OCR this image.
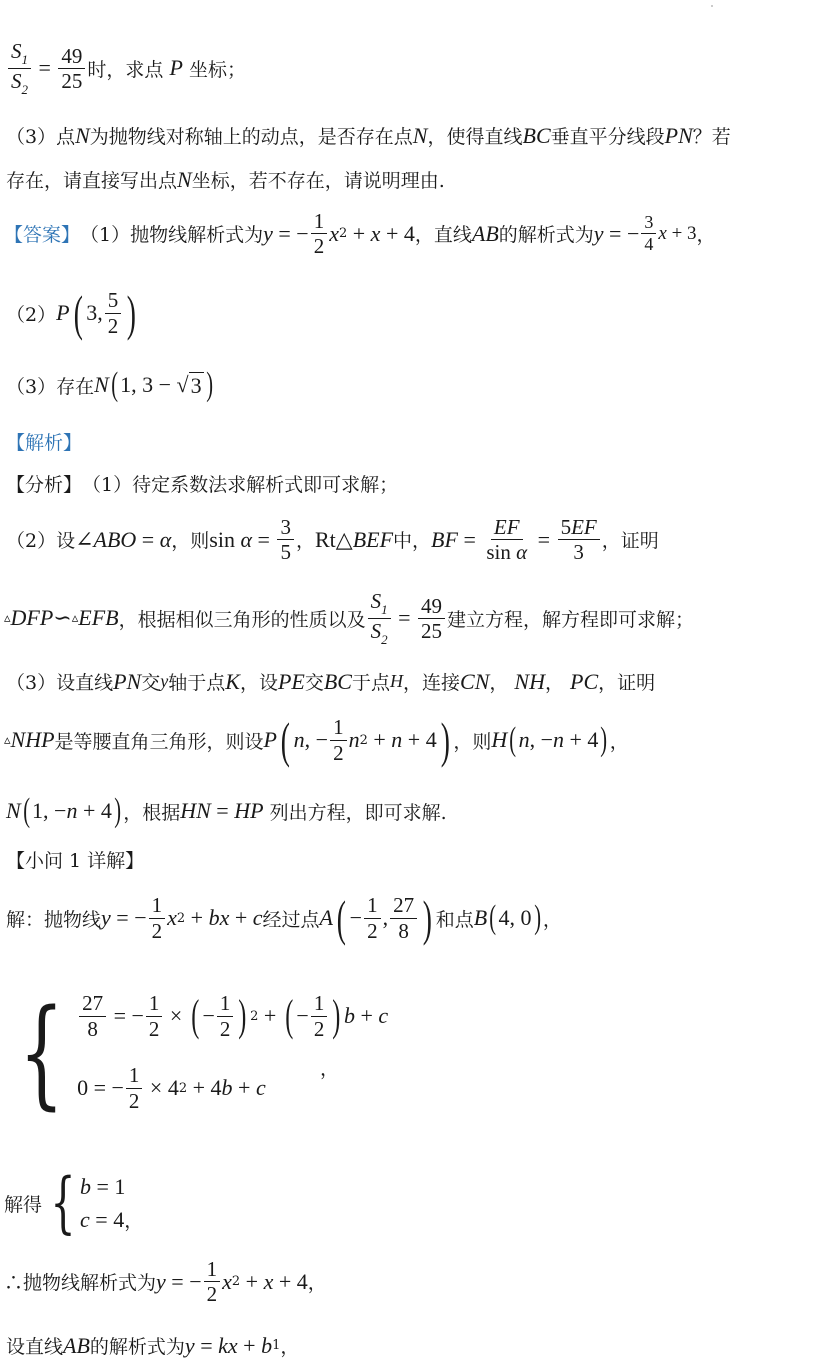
$\frac{S_1}{S_2} = \frac{49}{25}$ 时，求点
P
坐标；
（3）点 N 为抛物线对称轴上的动点，是否存在点 N ，使得直线 BC 垂直平分线段 PN ？若
存在，请直接写出点 N 坐标，若不存在，请说明理由.
【答案】 （1）抛物线解析式为 y = − $\frac{1}{2}$ x 2 + x + 4 ，直线 AB 的解析式为 y = − $\frac{3}{4}$ x + 3 ，
（2） P ( 3, $\frac{5}{2}$ )
（3）存在 N ( 1, 3 − √ 3 )
【解析】
【分析】 （1）待定系数法求解析式即可求解；
（2）设 ∠ ABO = α ，则 $\sin \alpha = \frac{3}{5}$ ， Rt △ BEF 中， BF = $\frac{EF}{\text{sin α}} = \frac{5EF}{3}$ ，证明
▵ DFP ∽ ▵ EFB ，根据相似三角形的性质以及 $\frac{S_1}{S_2} = \frac{49}{25}$ 建立方程，解方程即可求解；
（3）设直线 PN 交 y 轴于点 K ，设 PE 交 BC 于点 H ，连接 CN ， NH ， PC ，证明
▵ NHP 是等腰直角三角形，则设 P ( n , − $\frac{1}{2}$ n 2 + n + 4 ) ，则 H ( n , − n + 4 ) ，
N ( 1, − n + 4 ) ，根据 HN = HP
列出方程，即可求解.
【小问 1 详解】
解：抛物线 y = − $\frac{1}{2}$ x 2 + bx + c 经过点 A ( − $\frac{1}{2}$ , $\frac{27}{8}$ ) 和点 B ( 4, 0 ) ，
{ $\frac{27}{8}$ = − $\frac{1}{2}$ × ( − $\frac{1}{2}$ ) 2 + ( − $\frac{1}{2}$ ) b + c
0 = − $\frac{1}{2} \times 4$ 2 + 4 b + c
，
解得 { b = 1
c = 4 ，
∴抛物线解析式为 y = − $\frac{1}{2}$ x 2 + x + 4 ，
设直线 AB 的解析式为 y = kx + b 1 ，
